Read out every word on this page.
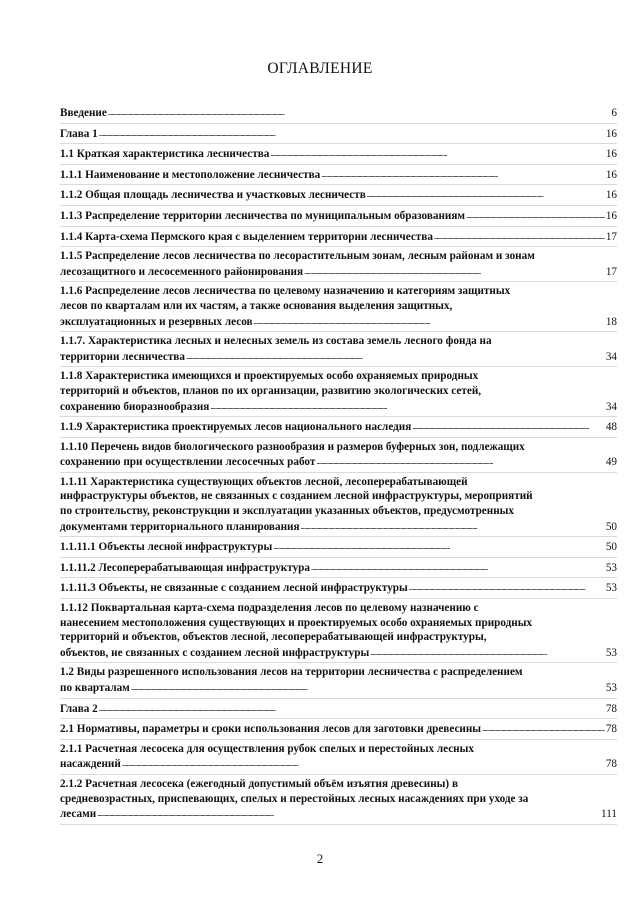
ОГЛАВЛЕНИЕ
Введение . . .	6
Глава 1 . . .	16
1.1 Краткая характеристика лесничества . . .	16
1.1.1 Наименование и местоположение лесничества . . .	16
1.1.2 Общая площадь лесничества и участковых лесничеств . . .	16
1.1.3 Распределение территории лесничества по муниципальным образованиям . . .	16
1.1.4 Карта-схема Пермского края с выделением территории лесничества . . .	17
1.1.5 Распределение лесов лесничества по лесорастительным зонам, лесным районам и зонам
лесозащитного и лесосеменного районирования . . .	17
1.1.6 Распределение лесов лесничества по целевому назначению и категориям защитных
лесов по кварталам или их частям, а также основания выделения защитных,
эксплуатационных и резервных лесов . . .	18
1.1.7. Характеристика лесных и нелесных земель из состава земель лесного фонда на
территории лесничества . . .	34
1.1.8 Характеристика имеющихся и проектируемых особо охраняемых природных
территорий и объектов, планов по их организации, развитию экологических сетей,
сохранению биоразнообразия . . .	34
1.1.9 Характеристика проектируемых лесов национального наследия . . .	48
1.1.10 Перечень видов биологического разнообразия и размеров буферных зон, подлежащих
сохранению при осуществлении лесосечных работ . . .	49
1.1.11 Характеристика существующих объектов лесной, лесоперерабатывающей
инфраструктуры объектов, не связанных с созданием лесной инфраструктуры, мероприятий
по строительству, реконструкции и эксплуатации указанных объектов, предусмотренных
документами территориального планирования . . .	50
1.1.11.1 Объекты лесной инфраструктуры . . .	50
1.1.11.2 Лесоперерабатывающая инфраструктура . . .	53
1.1.11.3 Объекты, не связанные с созданием лесной инфраструктуры . . .	53
1.1.12 Поквартальная карта-схема подразделения лесов по целевому назначению с
нанесением местоположения существующих и проектируемых особо охраняемых природных
территорий и объектов, объектов лесной, лесоперерабатывающей инфраструктуры,
объектов, не связанных с созданием лесной инфраструктуры . . .	53
1.2 Виды разрешенного использования лесов на территории лесничества с распределением
по кварталам . . .	53
Глава 2 . . .	78
2.1 Нормативы, параметры и сроки использования лесов для заготовки древесины . . .	78
2.1.1 Расчетная лесосека для осуществления рубок спелых и перестойных лесных
насаждений . . .	78
2.1.2 Расчетная лесосека (ежегодный допустимый объём изъятия древесины) в
средневозрастных, приспевающих, спелых и перестойных лесных насаждениях при уходе за
лесами . . .	111
2
